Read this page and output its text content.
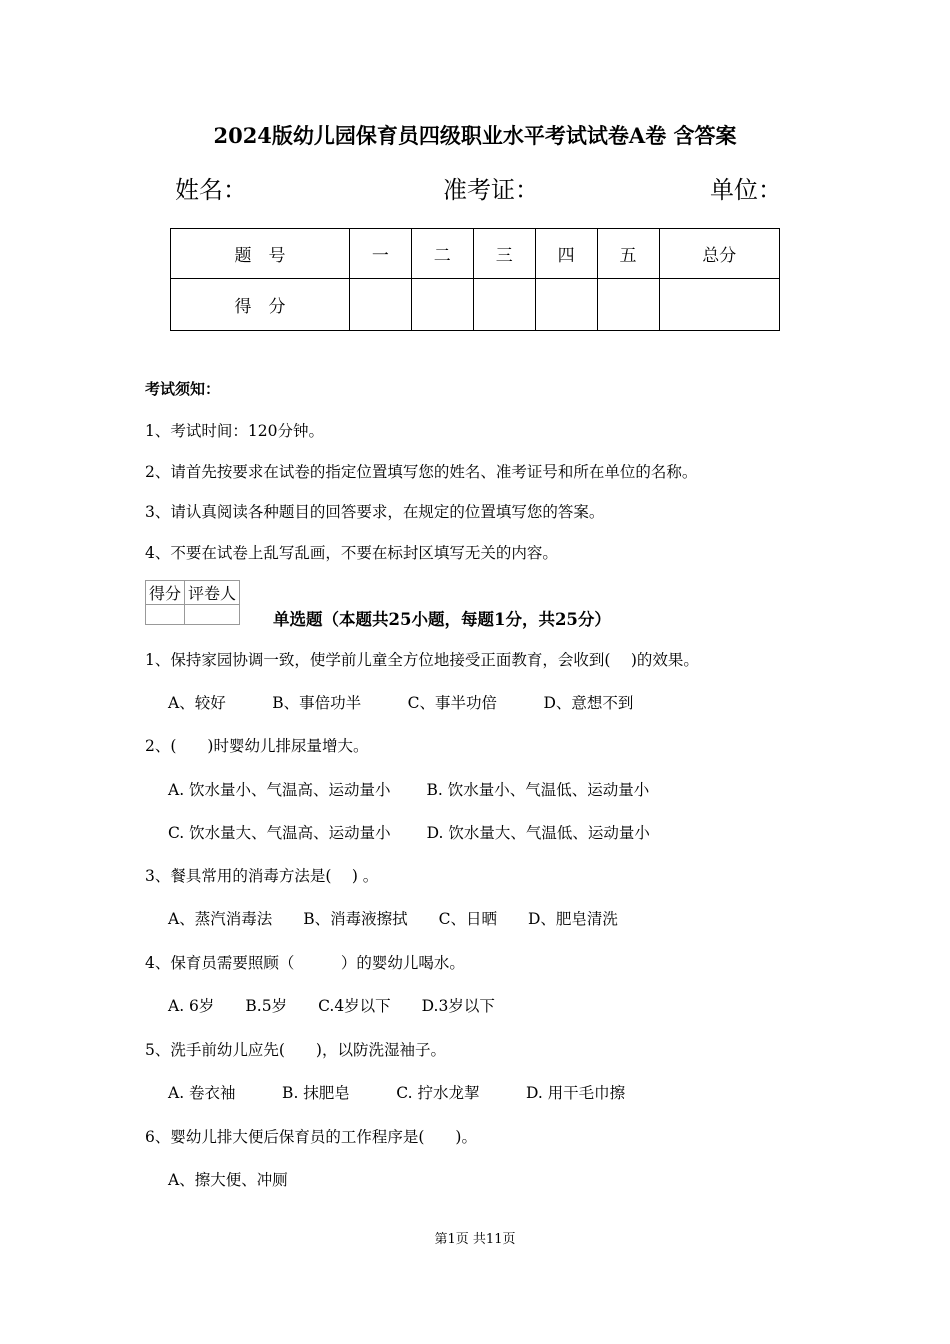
2024版幼儿园保育员四级职业水平考试试卷A卷 含答案
姓名：	准考证：	单位：
题　号	一	二	三	四	五	总分
得　分						
考试须知：
1、考试时间：120分钟。
2、请首先按要求在试卷的指定位置填写您的姓名、准考证号和所在单位的名称。
3、请认真阅读各种题目的回答要求，在规定的位置填写您的答案。
4、不要在试卷上乱写乱画，不要在标封区填写无关的内容。
得分	评卷人

单选题（本题共25小题，每题1分，共25分）
1、保持家园协调一致，使学前儿童全方位地接受正面教育，会收到(　 )的效果。
A、较好　　　B、事倍功半　　　C、事半功倍　　　D、意想不到
2、(　　)时婴幼儿排尿量增大。
A. 饮水量小、气温高、运动量小　　 B. 饮水量小、气温低、运动量小
C. 饮水量大、气温高、运动量小　　 D. 饮水量大、气温低、运动量小
3、餐具常用的消毒方法是(　 ) 。
A、蒸汽消毒法　　B、消毒液擦拭　　C、日晒　　D、肥皂清洗
4、保育员需要照顾（　　　）的婴幼儿喝水。
A. 6岁　　B.5岁　　C.4岁以下　　D.3岁以下
5、洗手前幼儿应先(　　)，以防洗湿袖子。
A. 卷衣袖　　　B. 抹肥皂　　　C. 拧水龙挈　　　D. 用干毛巾擦
6、婴幼儿排大便后保育员的工作程序是(　　)。
A、擦大便、冲厕
第1页 共11页
